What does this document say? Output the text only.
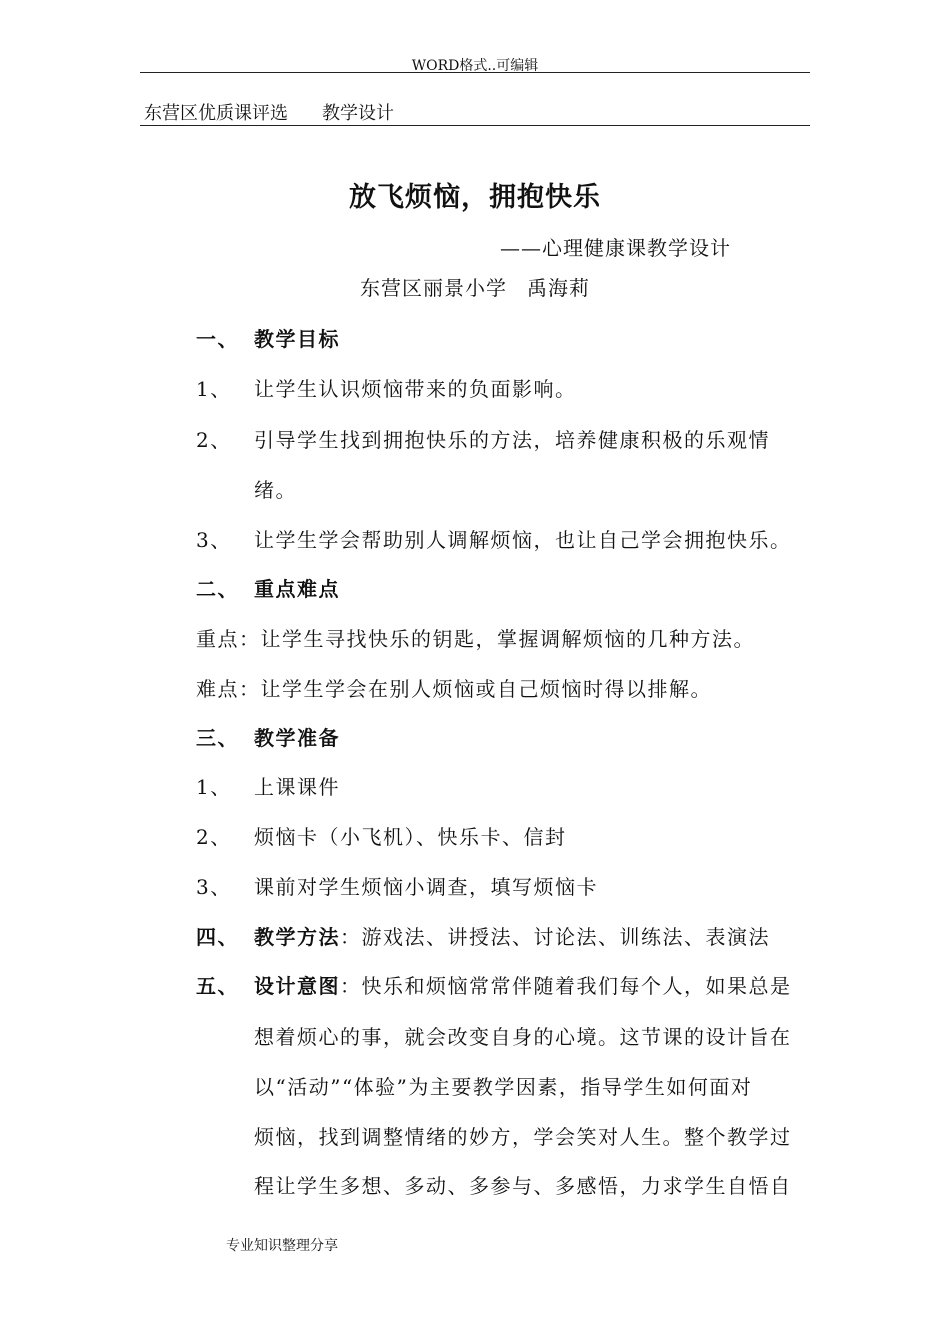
WORD格式..可编辑
东营区优质课评选 教学设计
放飞烦恼，拥抱快乐
——心理健康课教学设计
东营区丽景小学 禹海莉
一、 教学目标
1、 让学生认识烦恼带来的负面影响。
2、 引导学生找到拥抱快乐的方法，培养健康积极的乐观情
绪。
3、 让学生学会帮助别人调解烦恼，也让自己学会拥抱快乐。
二、 重点难点
重点：让学生寻找快乐的钥匙，掌握调解烦恼的几种方法。
难点：让学生学会在别人烦恼或自己烦恼时得以排解。
三、 教学准备
1、 上课课件
2、 烦恼卡（小飞机）、快乐卡、信封
3、 课前对学生烦恼小调查，填写烦恼卡
四、 教学方法：游戏法、讲授法、讨论法、训练法、表演法
五、 设计意图：快乐和烦恼常常伴随着我们每个人，如果总是
想着烦心的事，就会改变自身的心境。这节课的设计旨在
以“活动”“体验”为主要教学因素，指导学生如何面对
烦恼，找到调整情绪的妙方，学会笑对人生。整个教学过
程让学生多想、多动、多参与、多感悟，力求学生自悟自
专业知识整理分享
